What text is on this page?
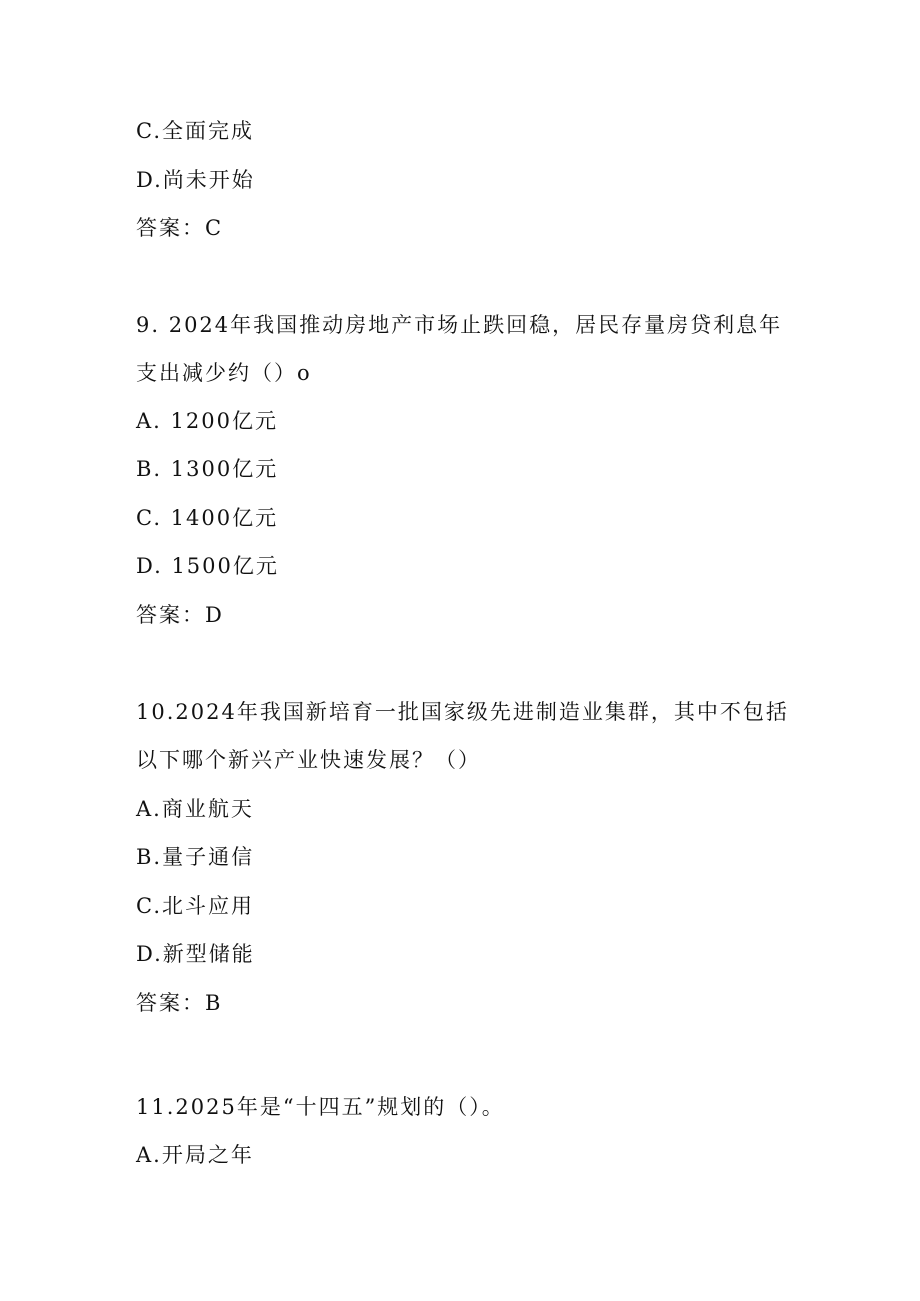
C.全面完成
D.尚未开始
答案：C
9. 2024年我国推动房地产市场止跌回稳，居民存量房贷利息年
支出减少约（）o
A. 1200亿元
B. 1300亿元
C. 1400亿元
D. 1500亿元
答案：D
10.2024年我国新培育一批国家级先进制造业集群，其中不包括
以下哪个新兴产业快速发展？（）
A.商业航天
B.量子通信
C.北斗应用
D.新型储能
答案：B
11.2025年是“十四五”规划的（）。
A.开局之年
